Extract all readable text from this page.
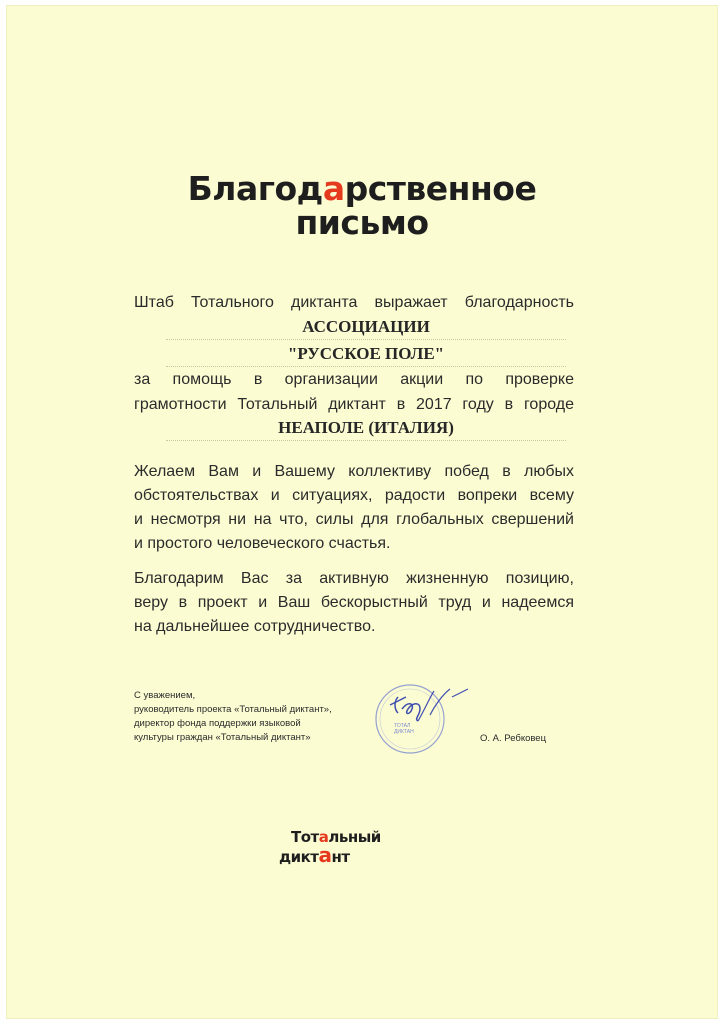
Благодарственное
письмо
Штаб Тотального диктанта выражает благодарность
АССОЦИАЦИИ
"РУССКОЕ ПОЛЕ"
за помощь в организации акции по проверке
грамотности Тотальный диктант в 2017 году в городе
НЕАПОЛЕ (ИТАЛИЯ)
Желаем Вам и Вашему коллективу побед в любых
обстоятельствах и ситуациях, радости вопреки всему
и несмотря ни на что, силы для глобальных свершений
и простого человеческого счастья.
Благодарим Вас за активную жизненную позицию,
веру в проект и Ваш бескорыстный труд и надеемся
на дальнейшее сотрудничество.
С уважением,
руководитель проекта «Тотальный диктант»,
директор фонда поддержки языковой
культуры граждан «Тотальный диктант»
ТОТАЛ
ДИКТАН
О. А. Ребковец
Тотальный
диктант
